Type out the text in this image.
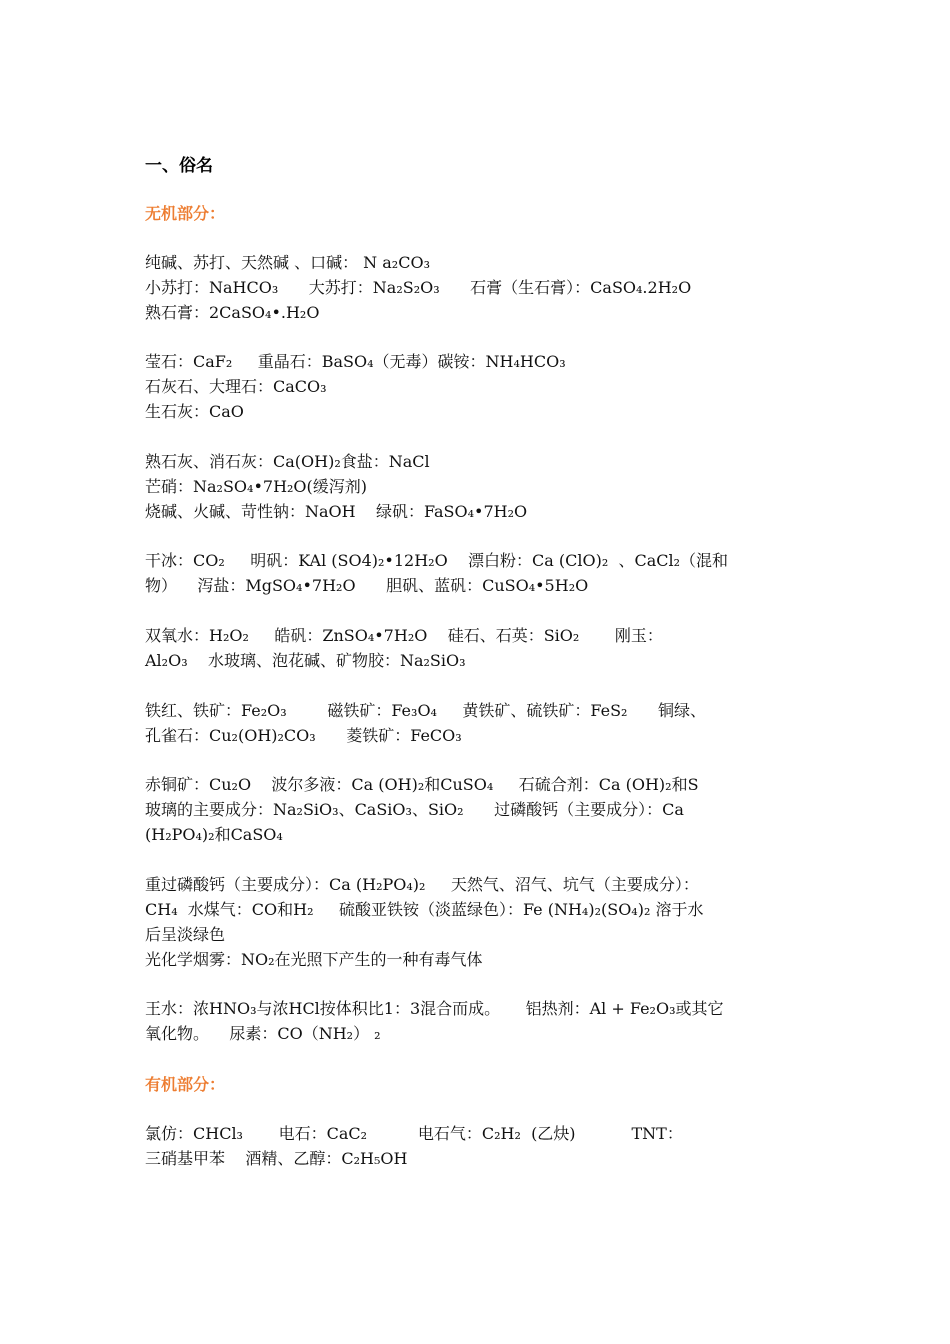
一、俗名
无机部分：
纯碱、苏打、天然碱 、口碱： N a₂CO₃
小苏打：NaHCO₃      大苏打：Na₂S₂O₃      石膏（生石膏）：CaSO₄.2H₂O
熟石膏：2CaSO₄•.H₂O
莹石：CaF₂     重晶石：BaSO₄（无毒）碳铵：NH₄HCO₃
石灰石、大理石：CaCO₃
生石灰：CaO
熟石灰、消石灰：Ca(OH)₂食盐：NaCl
芒硝：Na₂SO₄•7H₂O(缓泻剂)
烧碱、火碱、苛性钠：NaOH    绿矾：FaSO₄•7H₂O
干冰：CO₂     明矾：KAl (SO4)₂•12H₂O    漂白粉：Ca (ClO)₂  、CaCl₂（混和
物）    泻盐：MgSO₄•7H₂O      胆矾、蓝矾：CuSO₄•5H₂O
双氧水：H₂O₂     皓矾：ZnSO₄•7H₂O    硅石、石英：SiO₂       刚玉：
Al₂O₃    水玻璃、泡花碱、矿物胶：Na₂SiO₃
铁红、铁矿：Fe₂O₃        磁铁矿：Fe₃O₄     黄铁矿、硫铁矿：FeS₂      铜绿、
孔雀石：Cu₂(OH)₂CO₃      菱铁矿：FeCO₃
赤铜矿：Cu₂O    波尔多液：Ca (OH)₂和CuSO₄     石硫合剂：Ca (OH)₂和S
玻璃的主要成分：Na₂SiO₃、CaSiO₃、SiO₂      过磷酸钙（主要成分）：Ca
(H₂PO₄)₂和CaSO₄
重过磷酸钙（主要成分）：Ca (H₂PO₄)₂     天然气、沼气、坑气（主要成分）：
CH₄  水煤气：CO和H₂     硫酸亚铁铵（淡蓝绿色）：Fe (NH₄)₂(SO₄)₂ 溶于水
后呈淡绿色
光化学烟雾：NO₂在光照下产生的一种有毒气体
王水：浓HNO₃与浓HCl按体积比1：3混合而成。     铝热剂：Al + Fe₂O₃或其它
氧化物。    尿素：CO（NH₂） ₂
有机部分：
氯仿：CHCl₃       电石：CaC₂          电石气：C₂H₂  (乙炔)           TNT：
三硝基甲苯    酒精、乙醇：C₂H₅OH
